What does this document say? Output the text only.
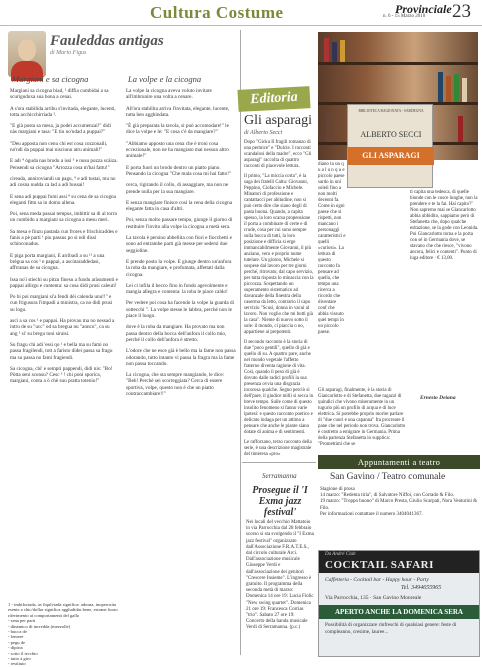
Cultura Costume	Provinciale
n. 6 - 15 Marzo 2010 23
Fauleddas antigas
di Mario Figus
Margiani e sa cicogna	La volpe e la cicogna

Margiani sa cicogna biad, ¹ diffia cumbidai a sa scuriguduxa sua bona a cenai.

A s'ora stabilida arribu s'invitada, elegante, lucenti, totta acchicchirriada ².

"E già posta sa mesa, ja podei accumenzai!" didi nàs margiani e tasa: "E tiu no'ndad a puppai?"

"Deu apposta non cenu chi est cosa cozzonaili, no'ndi da puppai mai nisciunu atru animali!"

E adi ⁴ òguda nas brodu a issi ⁵ e nusu puzza scàiza. Pensendi sa cicogna "Arrozza cosa m'hai fattu!"

cìreada, anniroviandi un pagu, ⁹ e adi tustai, mu no adi cosna nudda ca lad a adi bussai!

E sena adi puppai fumi assi ⁸ su cena de sa cicogna elegantì fittu sa in domu allena.

Poi, sena meda passai tempus, imbittir sa di al torra un cumbidu a margiani sa cicogna a mesu meri.

Sa mesa e finzu pastada cun frores e frischicaddes e fanis a pè parti ¹ piu passus po si ndi dissi schinconadus.

E piga porta margiani, E arribadi a su ¹¹ a una brègua sa cos ¹ e pappai, a ascùtaraddedasi, affrranas de sa cicogna.

Issa no'i stiechi su pìtzu finesu a fundu aràsumenti e pappai allirgu e cuntenta: sa cosa didi prusi caleuti!

Po bi poi margiani si'a fendi dèi calenda unu!!" e cun frigusura l'impadi a ministra, ca no didi prusi su logu.

ascì a sa cos ¹ e pappai. Ha provau ma no nessad a intru de su "ucc" od sa bregua nu "anncu", ca su ang ¹ si' su bregu toni siraisi.

Su fragu chi adi 'essi qo ¹ e bella ma su fami no passa fragilendi, tott a faristo didei passa sa fragu ma su passa no fami fragiendi.

Sa cicogna, chi' e sempri pappendi, didi nis: "Bo! Pòtta seni sconsu? Cesc ¹ ! chi poni sporica, margiani, conta a ò chè suu pratta toteniu!"

La volpe la cicogna aveva voluto invitare all'imbrunire una volta a cenare.

All'ora stabilita arriva l'invitata, elegante, lucente, tutta ben agghindata.

"È già preparata la tavola, si può accomodare!" le dice la volpe e le: "E cosa c'è da mangiare?"

"Abbiamo apposto una cena che è troni cosa eccezionale, non ne ha mangiato mai nessun altro animale!"

E porta fuori un brodo dentro un piatto piano. Pensando la cicogna "Che mala cosa mi hai fatto!"

cerca, rigirando il collo, di assaggiare, ma non ne prende nulla per la sua mangiare.

E senza mangiare finisce così la cena della cicogna elegante fatta in casa d'altri.

Poi, senza molto passare tempo, giunge il giorno di restituire l'invito alla volpe la cicogna a metà sera.

La tavola è persino abbellita con fiori e fiocchetti e sono ad entrambe parti già messe per sedersi due seggioline.

E prende posto la volpe. E giunge dentro un'anfora la roba da mangiare, e profumata, affettati dalla cicogna.

Lei ci infila il becco fino in fondo agevolmente e mangia allegra e contenta: la roba le piace caldo!

Per vedere poi cosa ha facendo la volpe la guarda di sottecchi ". La volpe stesse le labbra, perché non le piace il luogo.

dove è la roba da mangiare. Ha provato ma non passa dentro della bocca dell'anfora il collo mio, perché il collo dell'anfora è stretto.

L'odore che ne esce già è bello ma la fame non passa odorando, tutto intanto vi passa la fragra ma la fame non passa toccando.

La cicogna, che sta sempre mangiando, le dice: "Beh! Perché sei scorreggiata? Cerca di essere sportiva, volpe, questo non è che un piatto contraccambiare!!"

1 - imbiforiada, as fiqulviada significa: adorna, inoperosita esente a chic/dollar significa aggludidas bene, estrane fuoro riferimento ai comportamenti del gallo
- sena per parti
- dinamico di incredda (mezzolle)
- bucca de
- femere
- pegu de
- dipiria
- sotto il tecchio
- tutto a giro
- restituto
Editoria
BIBLIOTECA RAGIONATA - SARDEGNA
ALBERTO SECCI
GLI ASPARAGI
Gli asparagi
di Alberto Secci

Dopo "Gicku Il fragili romanzo di una permice" e "Dulcie. I racconti scandalosi della madre", ecco "Gli asparagi" raccolta di quattro racconti di piacevole lettura.

Il primo, "La miccia corta", è la saga dei fratelli Caltu: Giovanni, Peppino, Ciofaccio e Michele. Minatori di professione e cantattacci per abitudine, non si può certo dire che siano degli di pasta buona. Quando, a capita spesso, la loro scarsa propensione il porta a combinare di certe e di crude, cosa per cui sono sempre sulla bocca di tutti, la loro posizione e difficia si erge immancabilmente Giovanni, il più anziano, vero e proprio nume tutelare. Un giorno, Michele si sospese dal lavoro per tre giorni perché, ritrovato, dal capo servizio, per tutta risposta lo minaccia con la piccozza. Sospettando un superamento sistematico ad davanzale della finestra della caserma da letto, contrario il capo servizio "Scusi, donna in vacui al lavoro. Non voglio che mi butti già la casa". Niente di nuovo sotto il sole: il mondo, ci piaccia o no, appartiene ai prepotenti.

Il secondo racconto è la storia di due "poco gentili", quello di già e quello di su. A quattro pare, anche nel mondo vegetale l'affetto fraterno diventa ragione di vita. Così, quando il peso di già è dovuto dalle radici profili la sua presenza ovvia una disgrazia incorosa qualche. Segno perciò sì dell'pare, il giudice milli si secca in breve tempo. Sulle come di questo insolito fenomeno si fanno varie ipotesi: e questo racconto poetico e delicato indaga per un attimo a pensare che anche le piante siano dotate di anima e di sentimenti.

Le rafforzano, terzo racconto della serie, è una descrizione magistrale del tinteresa «pro»

diano in un q u a l u n q u e piccolo paese sardo in uni soleil fino a non molti decenni fa. Come in ogni paese che si rispetti, non mancano i personaggi caratteristici e quelli «curiosi». La lettura di questo racconto fa pensare ad quella, che tempo una ricerca a ricordo che diventare conf che abbia vissuto quei tempi in un piccolo paese.

Gli asparagi, finalmente, è la storia di Giancarlotto e di Stefanetta, due ragazzi di quindici che vivono miseramente in un tugurio più un profilo di acqua e di luce elettrica. Si potrebbe proprio morire parlare di "due cuori e una capanna" fra procreare il pane che nel periodo non trova. Giancarlotto è costretto a emigrare in Germania. Prima della partenza Stefanetta lo supplica: "Promettimi che se

ti capita una tedesca, di quelle bionde con le cosce lunghe, non la prendere e te la fai. Hai capito?" Non sapremo mai se Giancarlotto abbia ubbidito, sappiamo però di Stefanetta che, dopo qualche esitazione, se la gode con Leonida. Poi Giancarlotto torna e la porta con sé in Germania dove, se stavano che che riesce, "vivono ancora, felici e contenti". Punto di luga editore · € 13,00.

Ernesto Deiana
Serramanna
Prosegue il 'I Exma jazz festival'
Nei locali del vecchio Mattatoio in via Parrocchia dal 28 febbraio scorso si sta svolgendo il "I Exma jazz festival" organizzato dall'Associazione F.R.A.T.E.S., dal circolo culturale Arci. Dall'associazione musicale Giuseppe Verdi e dall'associazione dei genitori "Crescere Insieme". L'ingresso è gratuito. Il programma della seconda metà di marzo: Domenica 14 ore 19: Lucia Fiolic "New swing quartet". Domenica 21 ore 19: Francesca Corrias "trio". Sabato 27 ore 19: Concerto della banda musicale Verdi di Serramanna. (p.c.)
Appuntamenti a teatro
San Gavino / Teatro comunale
Stagione di prosa
14 marzo: "Redenta tiria", di Salvatore Niffoi, con Corrado & Filo.
19 marzo: "Troppo buono" di Marco Presta, Giulio Scarpati, Nora Venturini & Filo.
Per informazioni contattare il numero 3404041367.
Da André Club
COCKTAIL SAFARI
Caffetteria - Cocktail bar - Happy hour - Party
Tel. 3494655965
Via Parrocchia, 135 · San Gavino Monreale
APERTO ANCHE LA DOMENICA SERA
Possibilità di organizzare rinfreschi di qualsiasi genere: feste di compleanno, cresime, lauree...
